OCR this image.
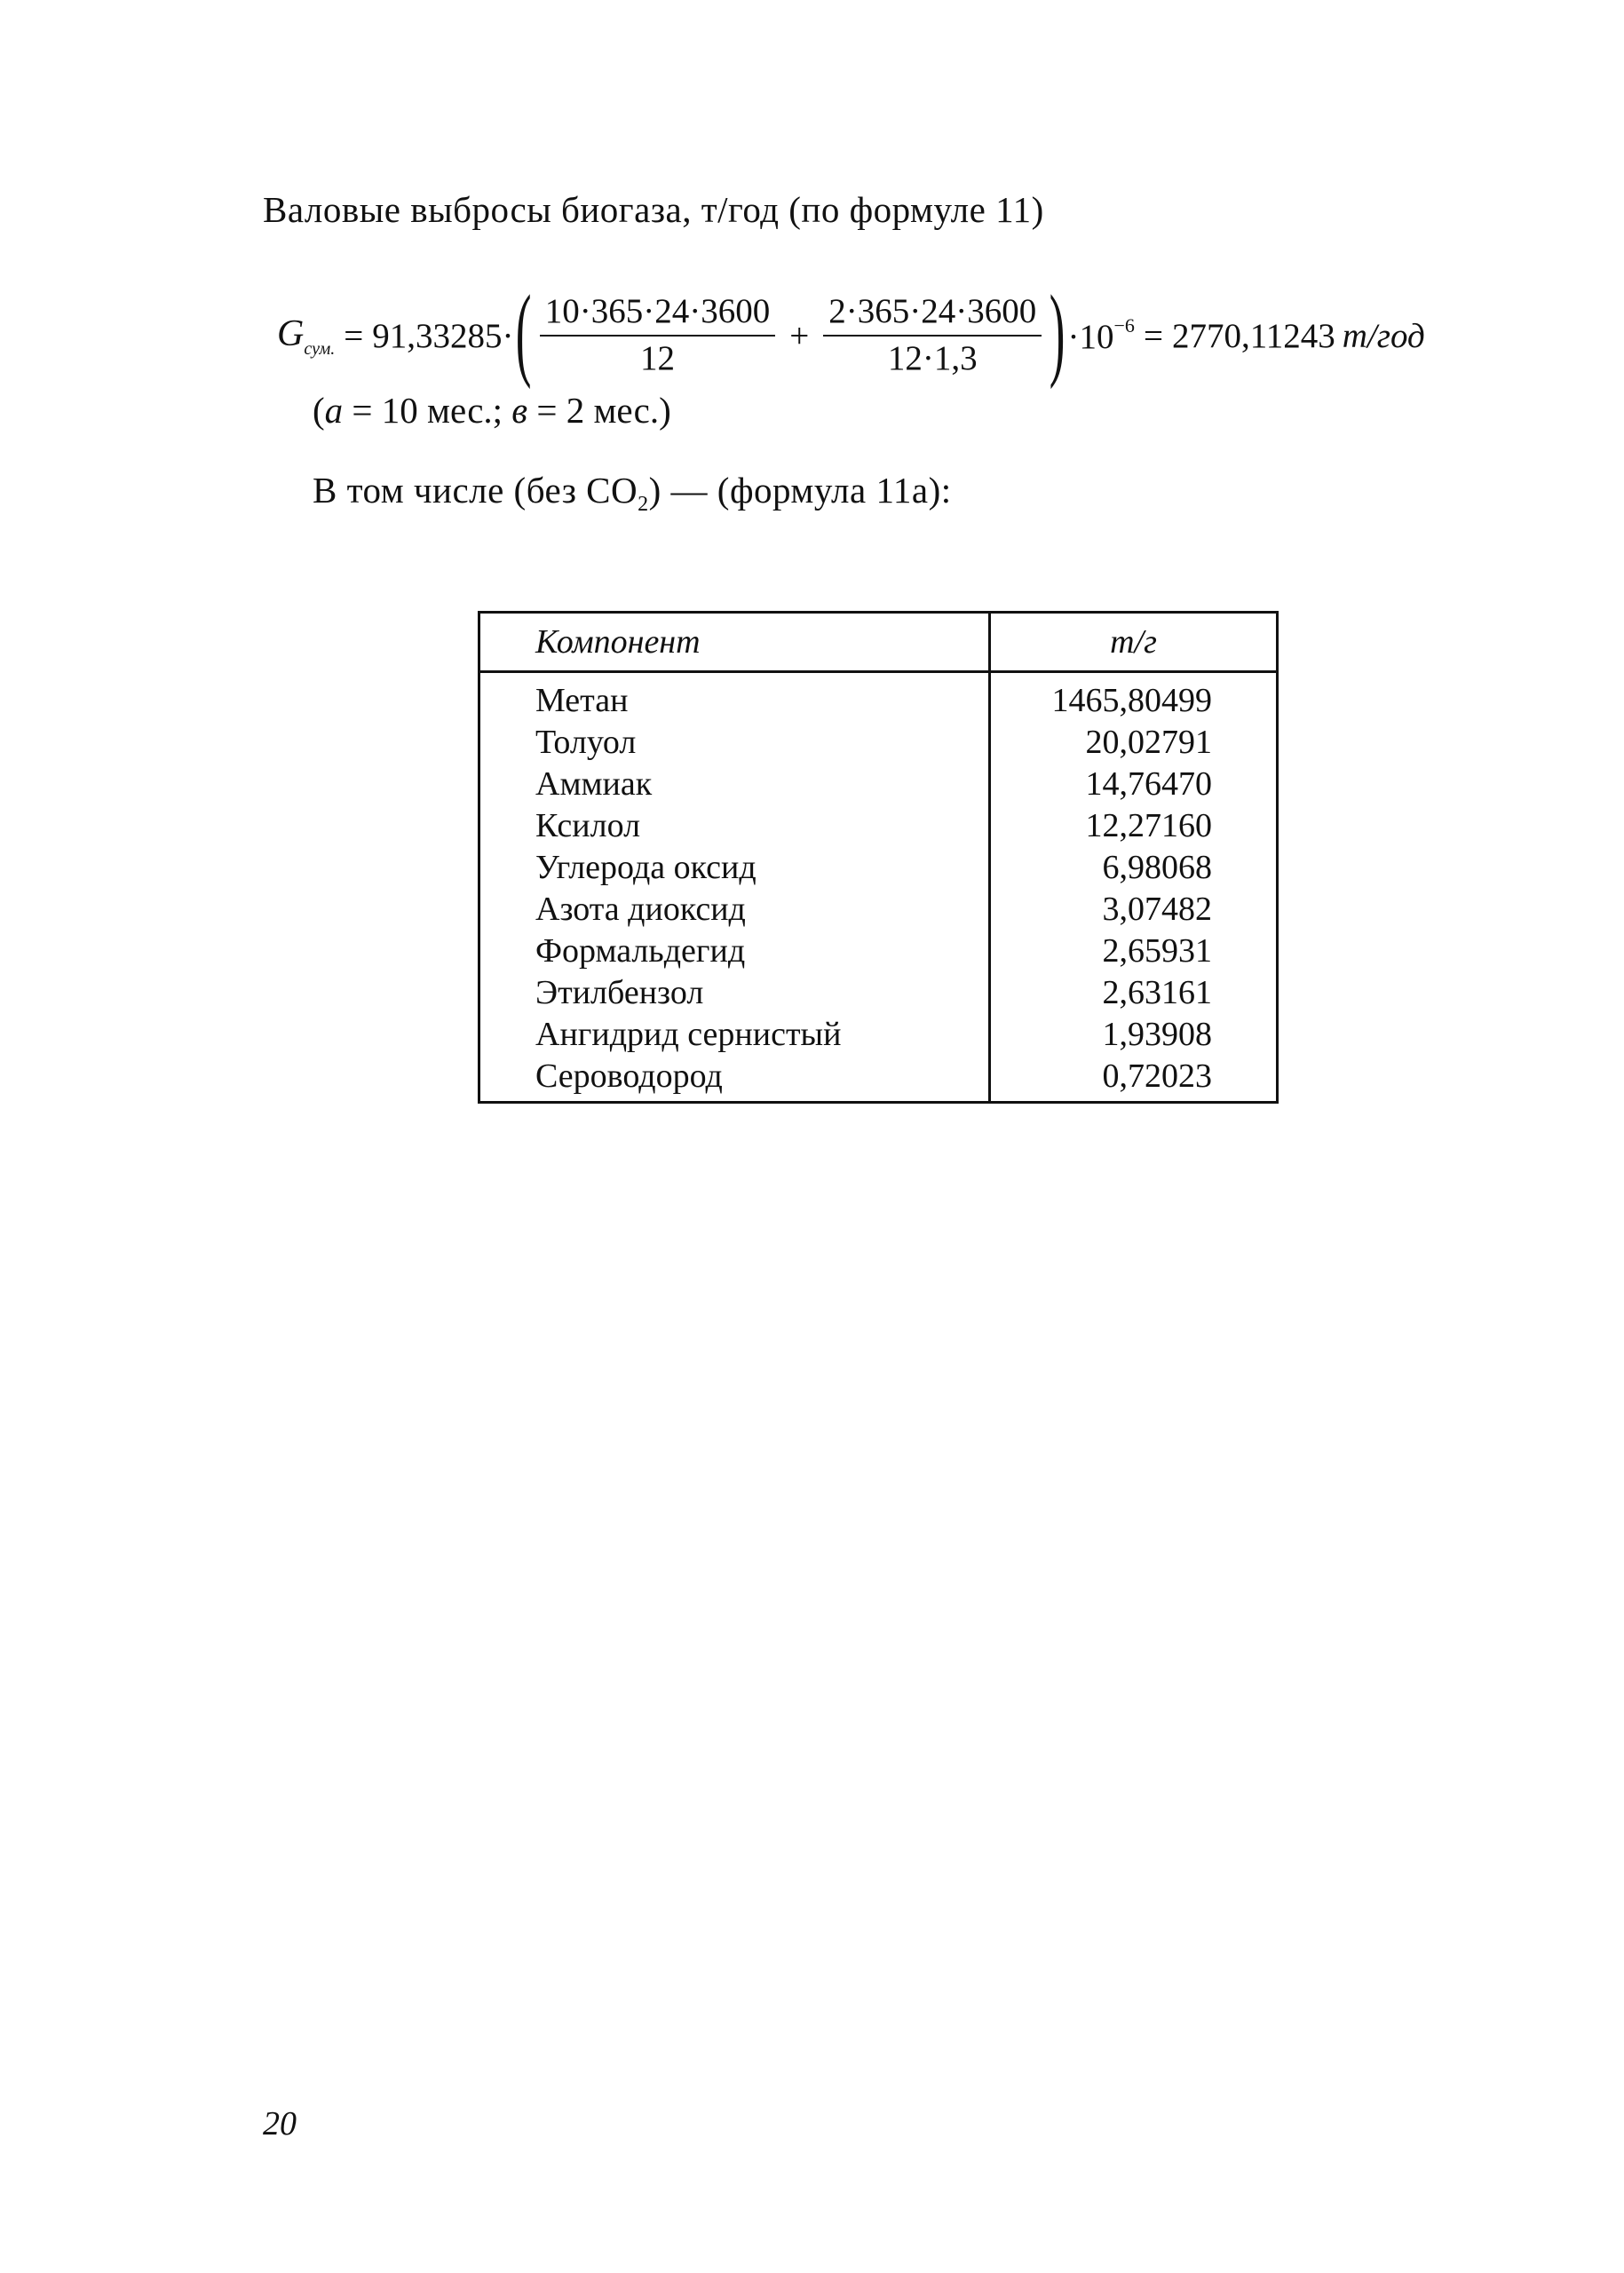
Валовые выбросы биогаза, т/год (по формуле 11)
$G_{сум.} = 91,33285$ · ( $\frac{10\cdot 365\cdot 24\cdot 3600}{12} + \frac{2\cdot 365\cdot 24\cdot 3600}{12\cdot 1,3}$ ) $\cdot 10^{-6} = 2770,11243$ т/год
(а = 10 мес.; в = 2 мес.)
В том числе (без $CO_2$) — (формула 11а):
Компонент	т/г
Метан	1465,80499
Толуол	20,02791
Аммиак	14,76470
Ксилол	12,27160
Углерода оксид	6,98068
Азота диоксид	3,07482
Формальдегид	2,65931
Этилбензол	2,63161
Ангидрид сернистый	1,93908
Сероводород	0,72023
20
